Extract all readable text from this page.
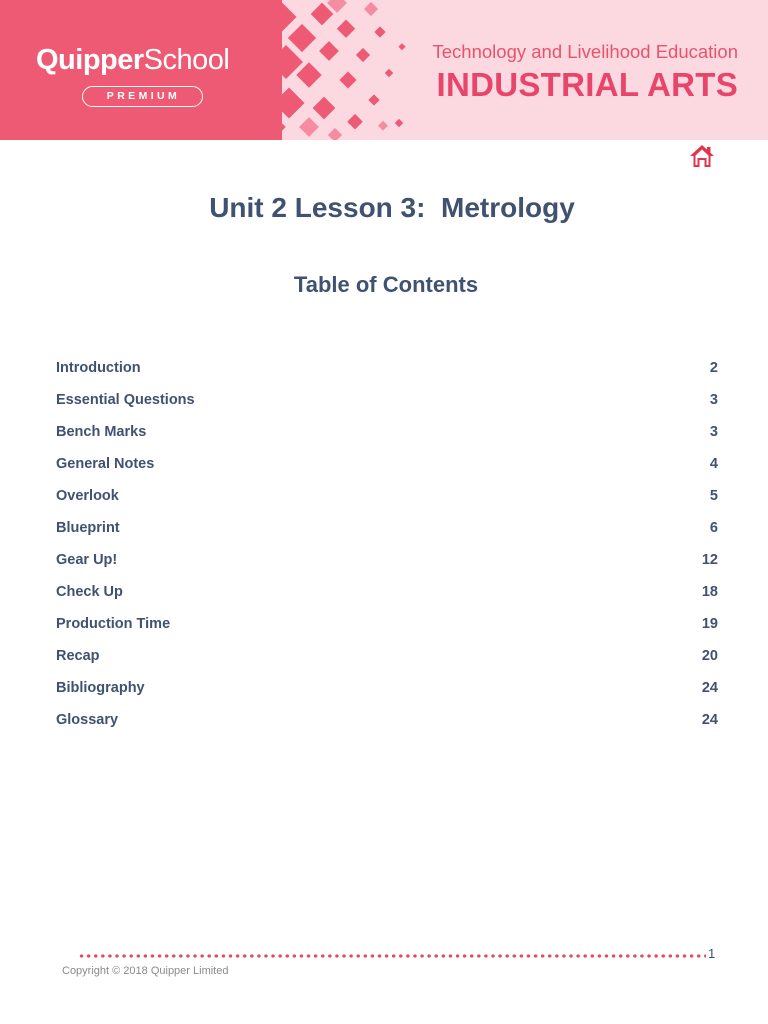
QuipperSchool
PREMIUM
Technology and Livelihood Education
INDUSTRIAL ARTS
Unit 2 Lesson 3:  Metrology
Table of Contents
Introduction	2
Essential Questions	3
Bench Marks	3
General Notes	4
Overlook	5
Blueprint	6
Gear Up!	12
Check Up	18
Production Time	19
Recap	20
Bibliography	24
Glossary	24
1
Copyright © 2018 Quipper Limited
